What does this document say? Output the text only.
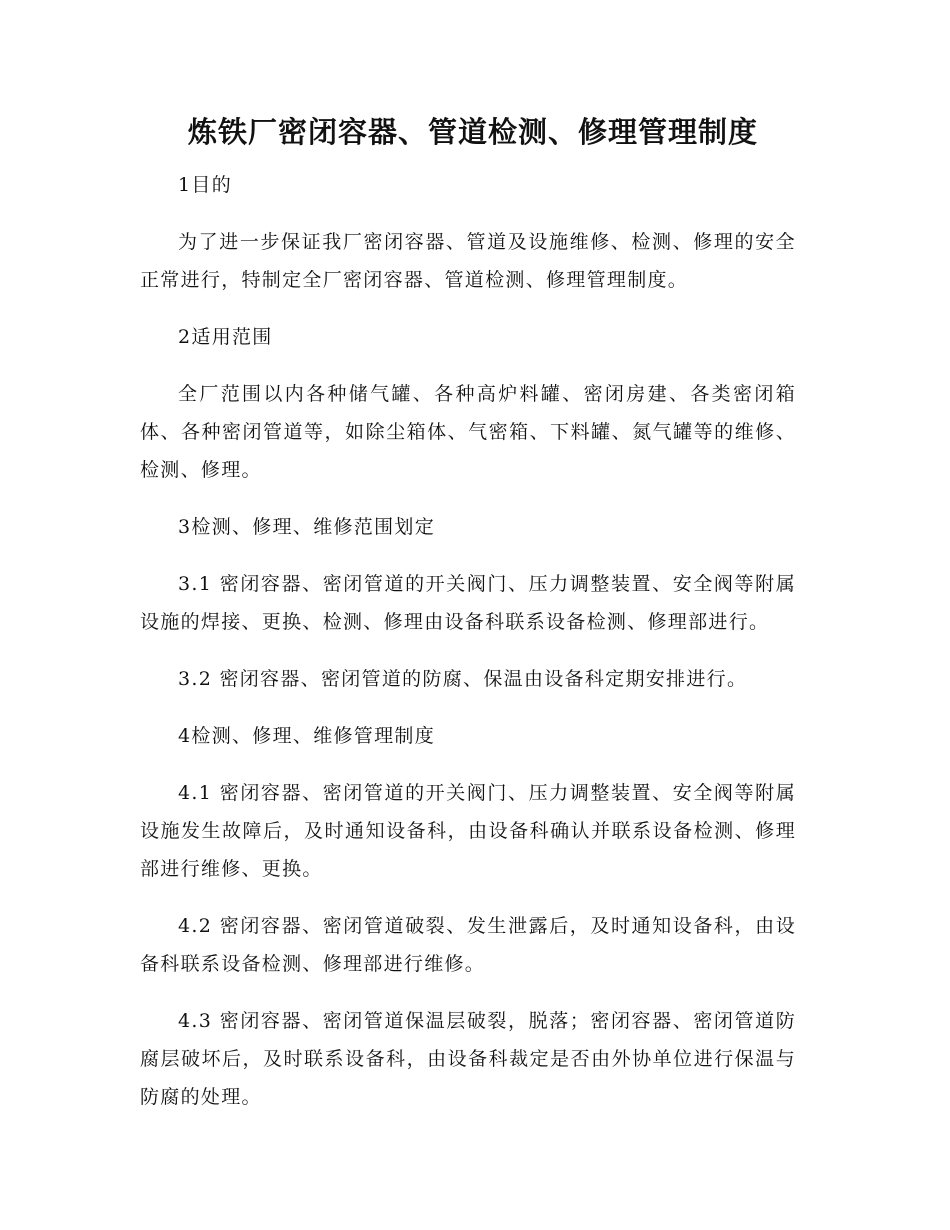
炼铁厂密闭容器、管道检测、修理管理制度

1目的

为了进一步保证我厂密闭容器、管道及设施维修、检测、修理的安全正常进行，特制定全厂密闭容器、管道检测、修理管理制度。

2适用范围

全厂范围以内各种储气罐、各种高炉料罐、密闭房建、各类密闭箱体、各种密闭管道等，如除尘箱体、气密箱、下料罐、氮气罐等的维修、检测、修理。

3检测、修理、维修范围划定

3.1 密闭容器、密闭管道的开关阀门、压力调整装置、安全阀等附属设施的焊接、更换、检测、修理由设备科联系设备检测、修理部进行。

3.2 密闭容器、密闭管道的防腐、保温由设备科定期安排进行。

4检测、修理、维修管理制度

4.1 密闭容器、密闭管道的开关阀门、压力调整装置、安全阀等附属设施发生故障后，及时通知设备科，由设备科确认并联系设备检测、修理部进行维修、更换。

4.2 密闭容器、密闭管道破裂、发生泄露后，及时通知设备科，由设备科联系设备检测、修理部进行维修。

4.3 密闭容器、密闭管道保温层破裂，脱落；密闭容器、密闭管道防腐层破坏后，及时联系设备科，由设备科裁定是否由外协单位进行保温与防腐的处理。
